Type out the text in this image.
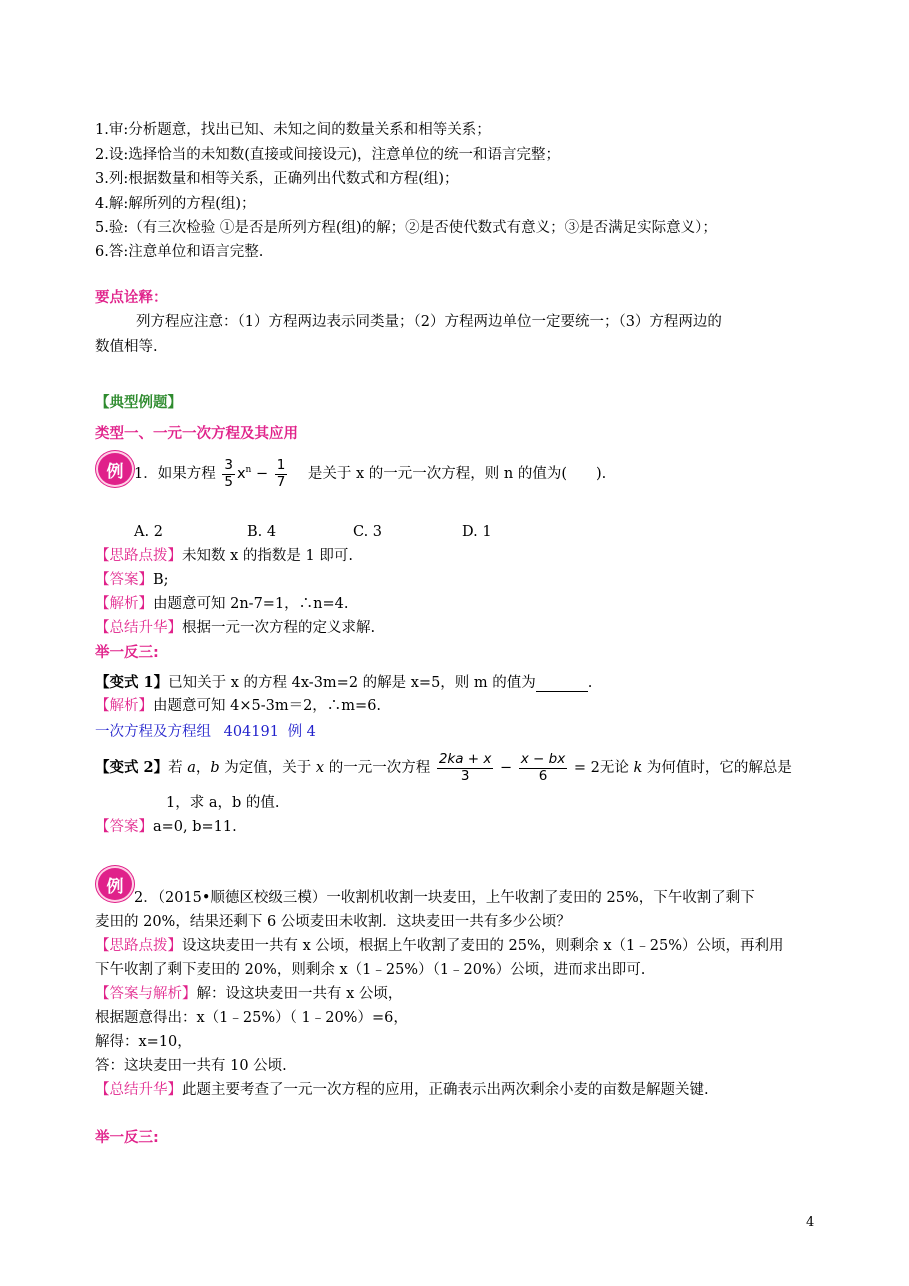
1.审:分析题意，找出已知、未知之间的数量关系和相等关系；
2.设:选择恰当的未知数(直接或间接设元)，注意单位的统一和语言完整；
3.列:根据数量和相等关系，正确列出代数式和方程(组)；
4.解:解所列的方程(组)；
5.验:（有三次检验 ①是否是所列方程(组)的解；②是否使代数式有意义；③是否满足实际意义）；
6.答:注意单位和语言完整.
要点诠释：
列方程应注意：（1）方程两边表示同类量；（2）方程两边单位一定要统一；（3）方程两边的
数值相等.
【典型例题】
类型一、一元一次方程及其应用
例 1．如果方程 $\frac{3}{5} x^n - \frac{1}{7}$ 是关于 x 的一元一次方程，则 n 的值为(　　).
A. 2	B. 4	C. 3	D. 1
【思路点拨】未知数 x 的指数是 1 即可.
【答案】B;
【解析】由题意可知 2n-7=1，∴n=4.
【总结升华】根据一元一次方程的定义求解.
举一反三:
【变式 1】已知关于 x 的方程 4x-3m=2 的解是 x=5，则 m 的值为	.
【解析】由题意可知 4×5-3m＝2，∴m=6.
一次方程及方程组 404191 例 4
【变式 2】若 a，b 为定值，关于 x 的一元一次方程 $\frac{2ka + x}{3} - \frac{x - bx}{6} = 2$无论 k 为何值时，它的解总是
1，求 a，b 的值.
【答案】a=0, b=11.
例
2．（2015•顺德区校级三模）一收割机收割一块麦田，上午收割了麦田的 25%，下午收割了剩下
麦田的 20%，结果还剩下 6 公顷麦田未收割．这块麦田一共有多少公顷？
【思路点拨】设这块麦田一共有 x 公顷，根据上午收割了麦田的 25%，则剩余 x（1﹣25%）公顷，再利用
下午收割了剩下麦田的 20%，则剩余 x（1﹣25%）（1﹣20%）公顷，进而求出即可.
【答案与解析】解：设这块麦田一共有 x 公顷，
根据题意得出：x（1﹣25%）（ 1﹣20%）=6，
解得：x=10，
答：这块麦田一共有 10 公顷.
【总结升华】此题主要考查了一元一次方程的应用，正确表示出两次剩余小麦的亩数是解题关键.
举一反三:
4
